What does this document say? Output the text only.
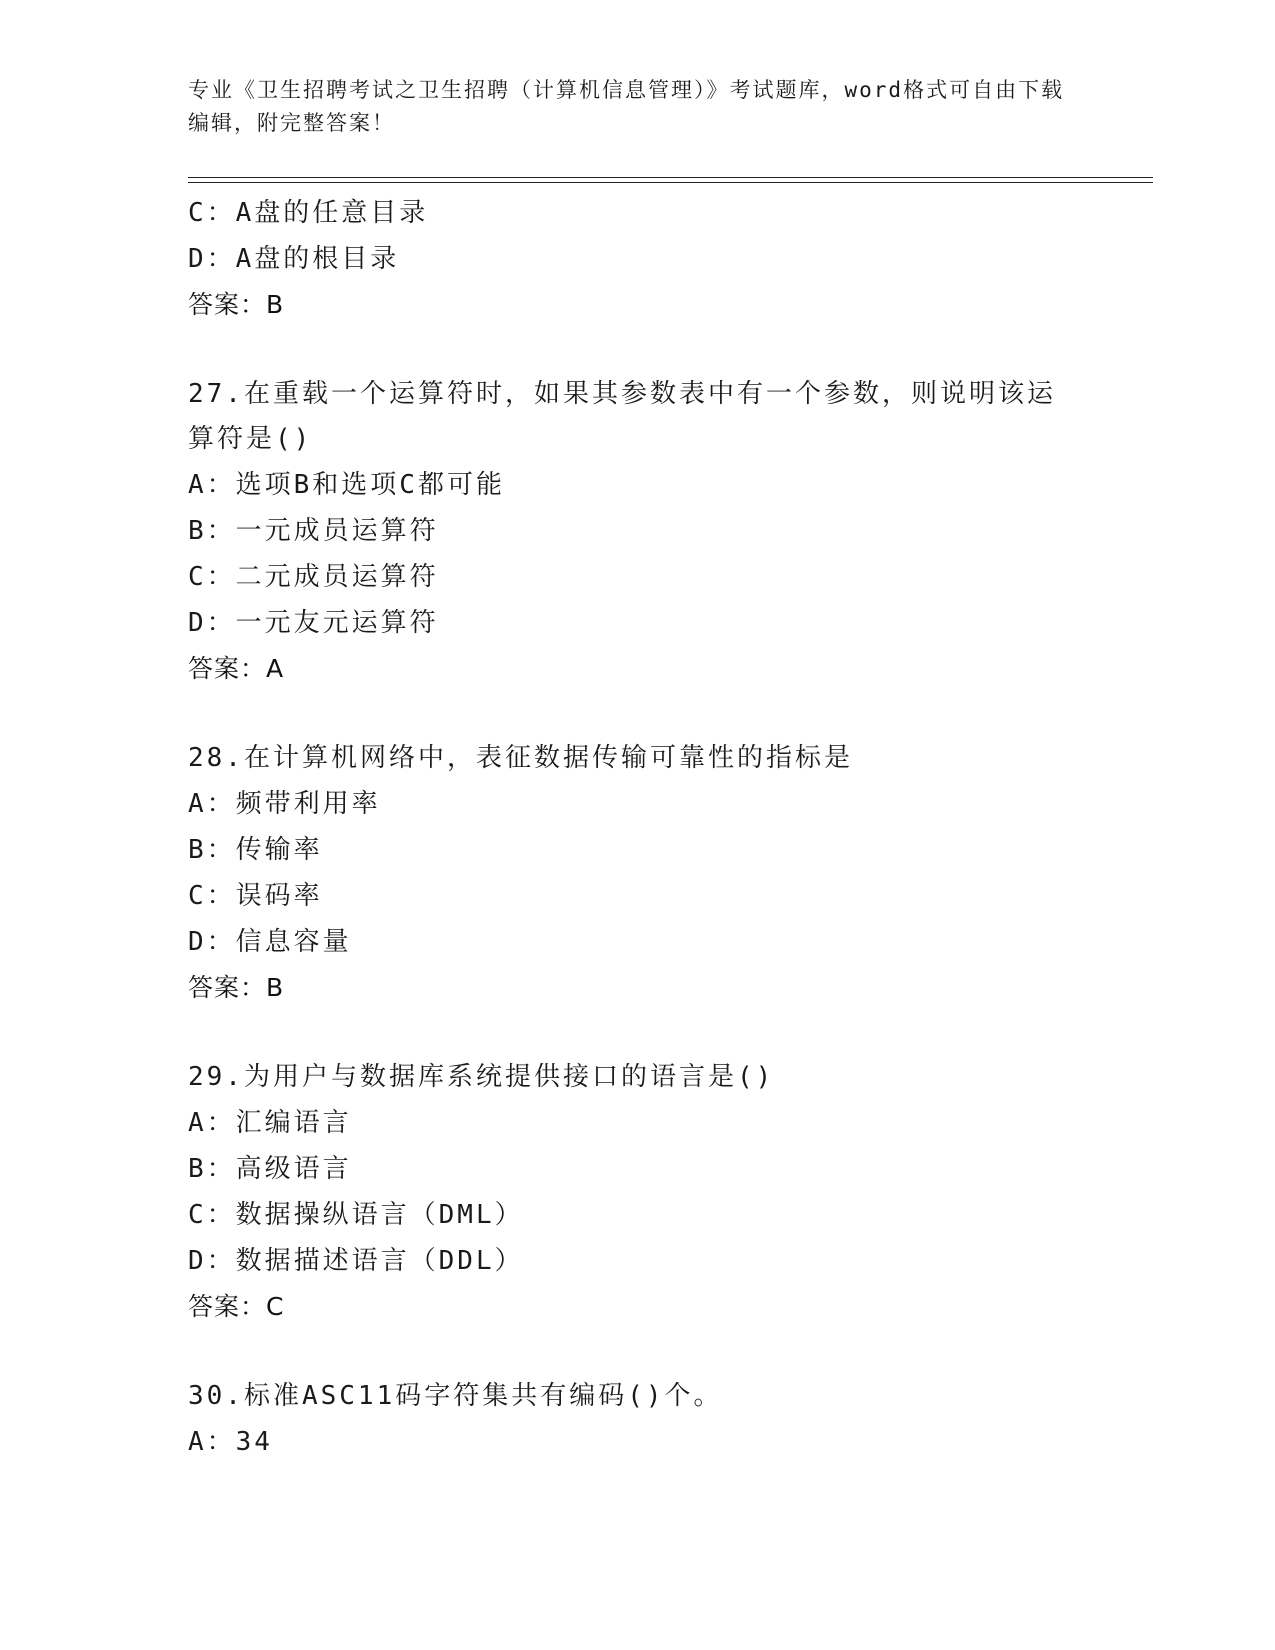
专业《卫生招聘考试之卫生招聘（计算机信息管理）》考试题库，word格式可自由下载编辑，附完整答案！
C：A盘的任意目录
D：A盘的根目录
答案：B
27.在重载一个运算符时，如果其参数表中有一个参数，则说明该运算符是()
A：选项B和选项C都可能
B：一元成员运算符
C：二元成员运算符
D：一元友元运算符
答案：A
28.在计算机网络中，表征数据传输可靠性的指标是
A：频带利用率
B：传输率
C：误码率
D：信息容量
答案：B
29.为用户与数据库系统提供接口的语言是()
A：汇编语言
B：高级语言
C：数据操纵语言（DML）
D：数据描述语言（DDL）
答案：C
30.标准ASC11码字符集共有编码()个。
A：34
